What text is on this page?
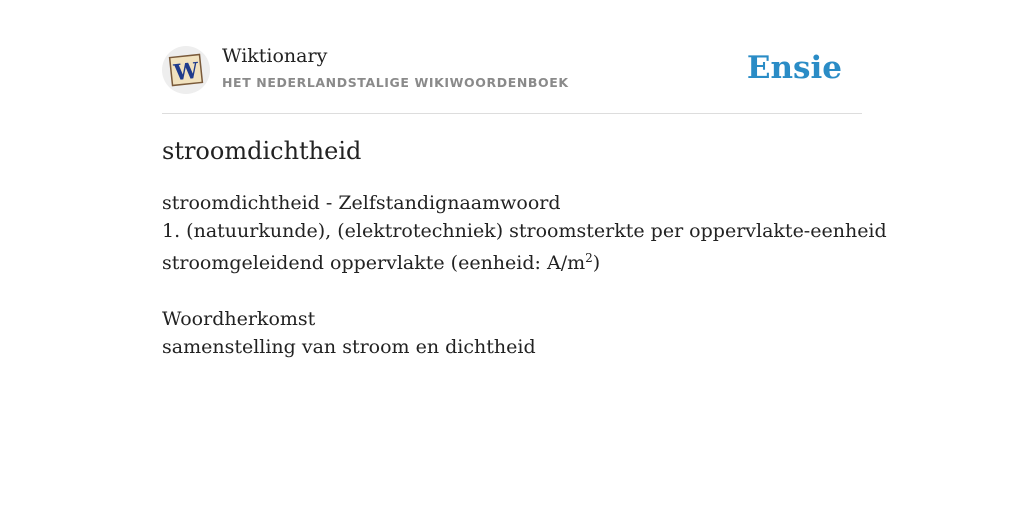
W
Wiktionary
HET NEDERLANDSTALIGE WIKIWOORDENBOEK	Ensie
stroomdichtheid
stroomdichtheid - Zelfstandignaamwoord
1. (natuurkunde), (elektrotechniek) stroomsterkte per oppervlakte-eenheid
stroomgeleidend oppervlakte (eenheid: $A/m^2$)
Woordherkomst
samenstelling van stroom en dichtheid
